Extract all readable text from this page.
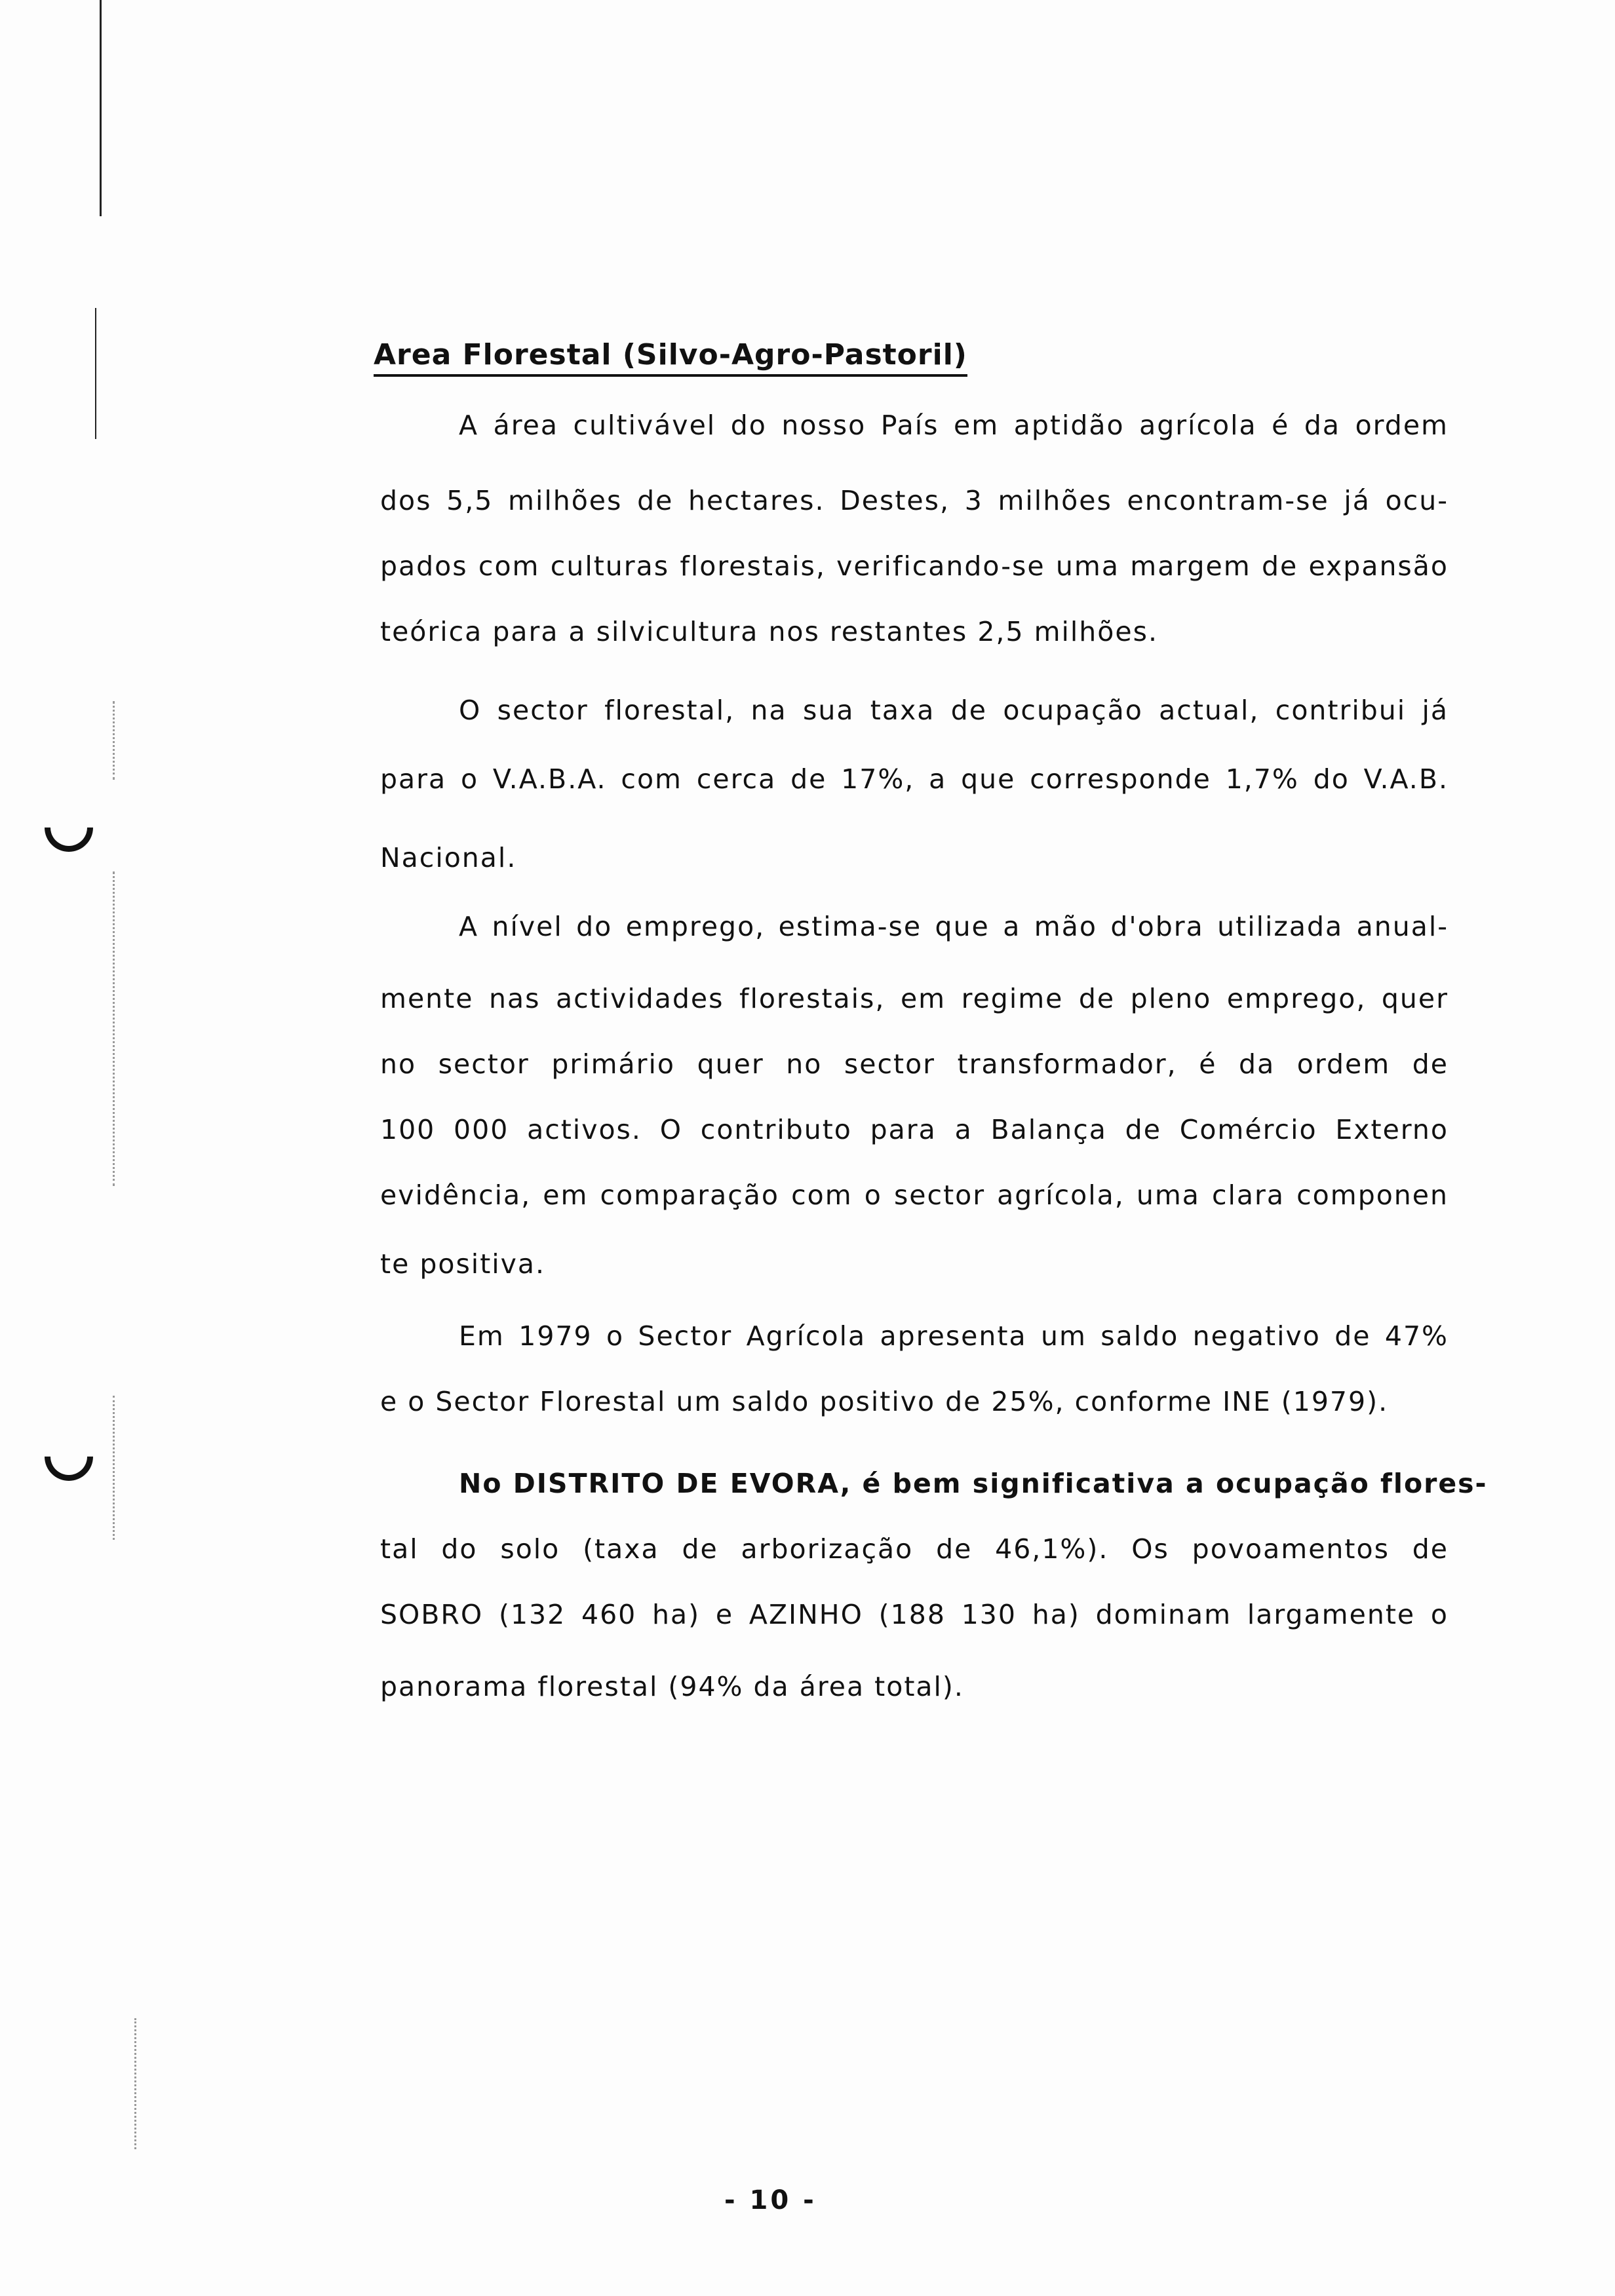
Area Florestal (Silvo-Agro-Pastoril)
A área cultivável do nosso País em aptidão agrícola é da ordem
dos 5,5 milhões de hectares. Destes, 3 milhões encontram-se já ocu-
pados com culturas florestais, verificando-se uma margem de expansão
teórica para a silvicultura nos restantes 2,5 milhões.
O sector florestal, na sua taxa de ocupação actual, contribui já
para o V.A.B.A. com cerca de 17%, a que corresponde 1,7% do V.A.B.
Nacional.
A nível do emprego, estima-se que a mão d'obra utilizada anual-
mente nas actividades florestais, em regime de pleno emprego, quer
no sector primário quer no sector transformador, é da ordem de
100 000 activos. O contributo para a Balança de Comércio Externo
evidência, em comparação com o sector agrícola, uma clara componen
te positiva.
Em 1979 o Sector Agrícola apresenta um saldo negativo de 47%
e o Sector Florestal um saldo positivo de 25%, conforme INE (1979).
No DISTRITO DE EVORA, é bem significativa a ocupação flores-
tal do solo (taxa de arborização de 46,1%). Os povoamentos de
SOBRO (132 460 ha) e AZINHO (188 130 ha) dominam largamente o
panorama florestal (94% da área total).
- 10 -
